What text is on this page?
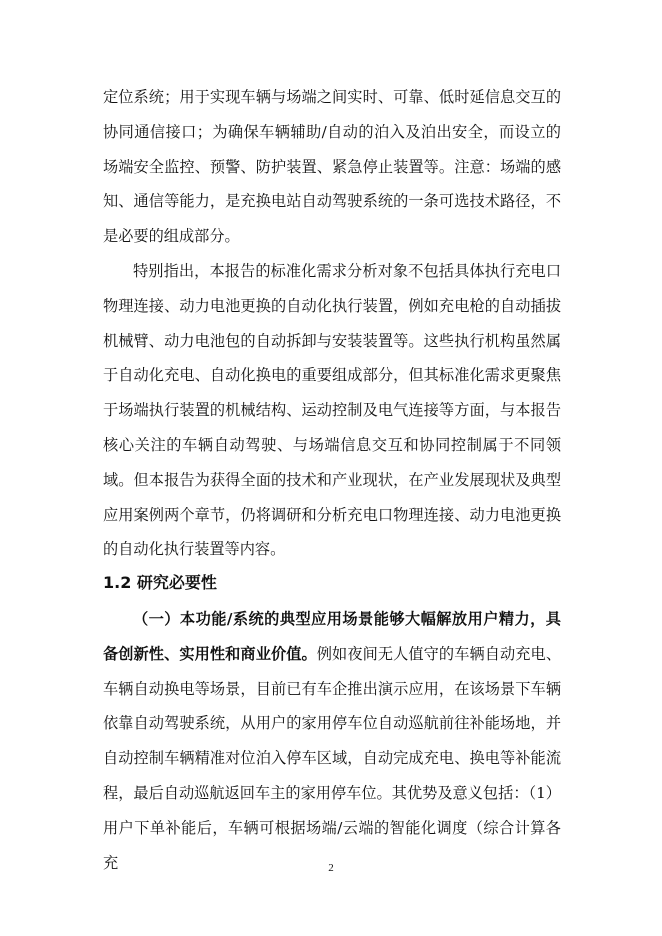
定位系统；用于实现车辆与场端之间实时、可靠、低时延信息交互的协同通信接口；为确保车辆辅助/自动的泊入及泊出安全，而设立的场端安全监控、预警、防护装置、紧急停止装置等。注意：场端的感知、通信等能力，是充换电站自动驾驶系统的一条可选技术路径，不是必要的组成部分。

特别指出，本报告的标准化需求分析对象不包括具体执行充电口物理连接、动力电池更换的自动化执行装置，例如充电枪的自动插拔机械臂、动力电池包的自动拆卸与安装装置等。这些执行机构虽然属于自动化充电、自动化换电的重要组成部分，但其标准化需求更聚焦于场端执行装置的机械结构、运动控制及电气连接等方面，与本报告核心关注的车辆自动驾驶、与场端信息交互和协同控制属于不同领域。但本报告为获得全面的技术和产业现状，在产业发展现状及典型应用案例两个章节，仍将调研和分析充电口物理连接、动力电池更换的自动化执行装置等内容。

1.2 研究必要性

（一）本功能/系统的典型应用场景能够大幅解放用户精力，具备创新性、实用性和商业价值。例如夜间无人值守的车辆自动充电、车辆自动换电等场景，目前已有车企推出演示应用，在该场景下车辆依靠自动驾驶系统，从用户的家用停车位自动巡航前往补能场地，并自动控制车辆精准对位泊入停车区域，自动完成充电、换电等补能流程，最后自动巡航返回车主的家用停车位。其优势及意义包括：（1）用户下单补能后，车辆可根据场端/云端的智能化调度（综合计算各充	2
